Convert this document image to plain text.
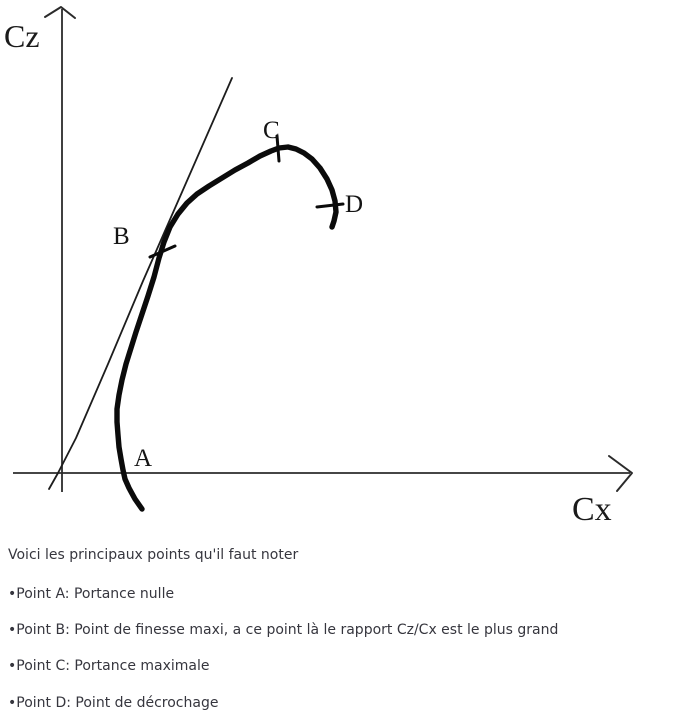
A
B
C
D
Cz
Cx
Voici les principaux points qu'il faut noter
•Point A: Portance nulle
•Point B: Point de finesse maxi, a ce point là le rapport Cz/Cx est le plus grand
•Point C: Portance maximale
•Point D: Point de décrochage
